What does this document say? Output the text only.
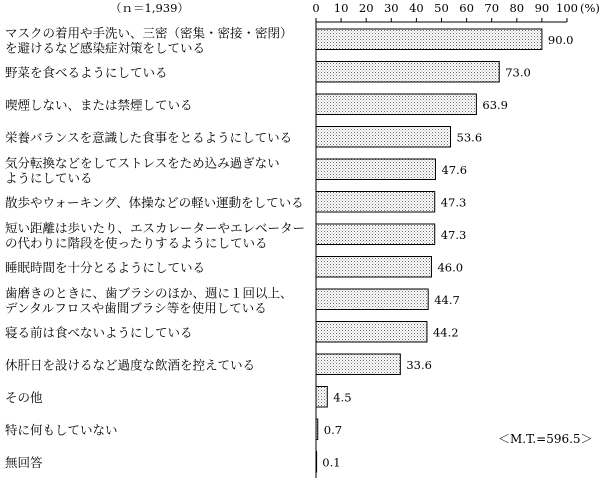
（ｎ＝1,939）	(%)
＜M.T.=596.5＞
0 10 20 30 40 50 60 70 80 90 100
マスクの着用や手洗い、三密（密集・密接・密閉）
を避けるなど感染症対策をしている
野菜を食べるようにしている
喫煙しない、または禁煙している
栄養バランスを意識した食事をとるようにしている
気分転換などをしてストレスをため込み過ぎない
ようにしている
散歩やウォーキング、体操などの軽い運動をしている
短い距離は歩いたり、エスカレーターやエレベーター
の代わりに階段を使ったりするようにしている
睡眠時間を十分とるようにしている
歯磨きのときに、歯ブラシのほか、週に１回以上、
デンタルフロスや歯間ブラシ等を使用している
寝る前は食べないようにしている
休肝日を設けるなど過度な飲酒を控えている
その他
特に何もしていない
無回答
90.0
73.0
63.9
53.6
47.6
47.3
47.3
46.0
44.7
44.2
33.6
4.5
0.7
0.1
